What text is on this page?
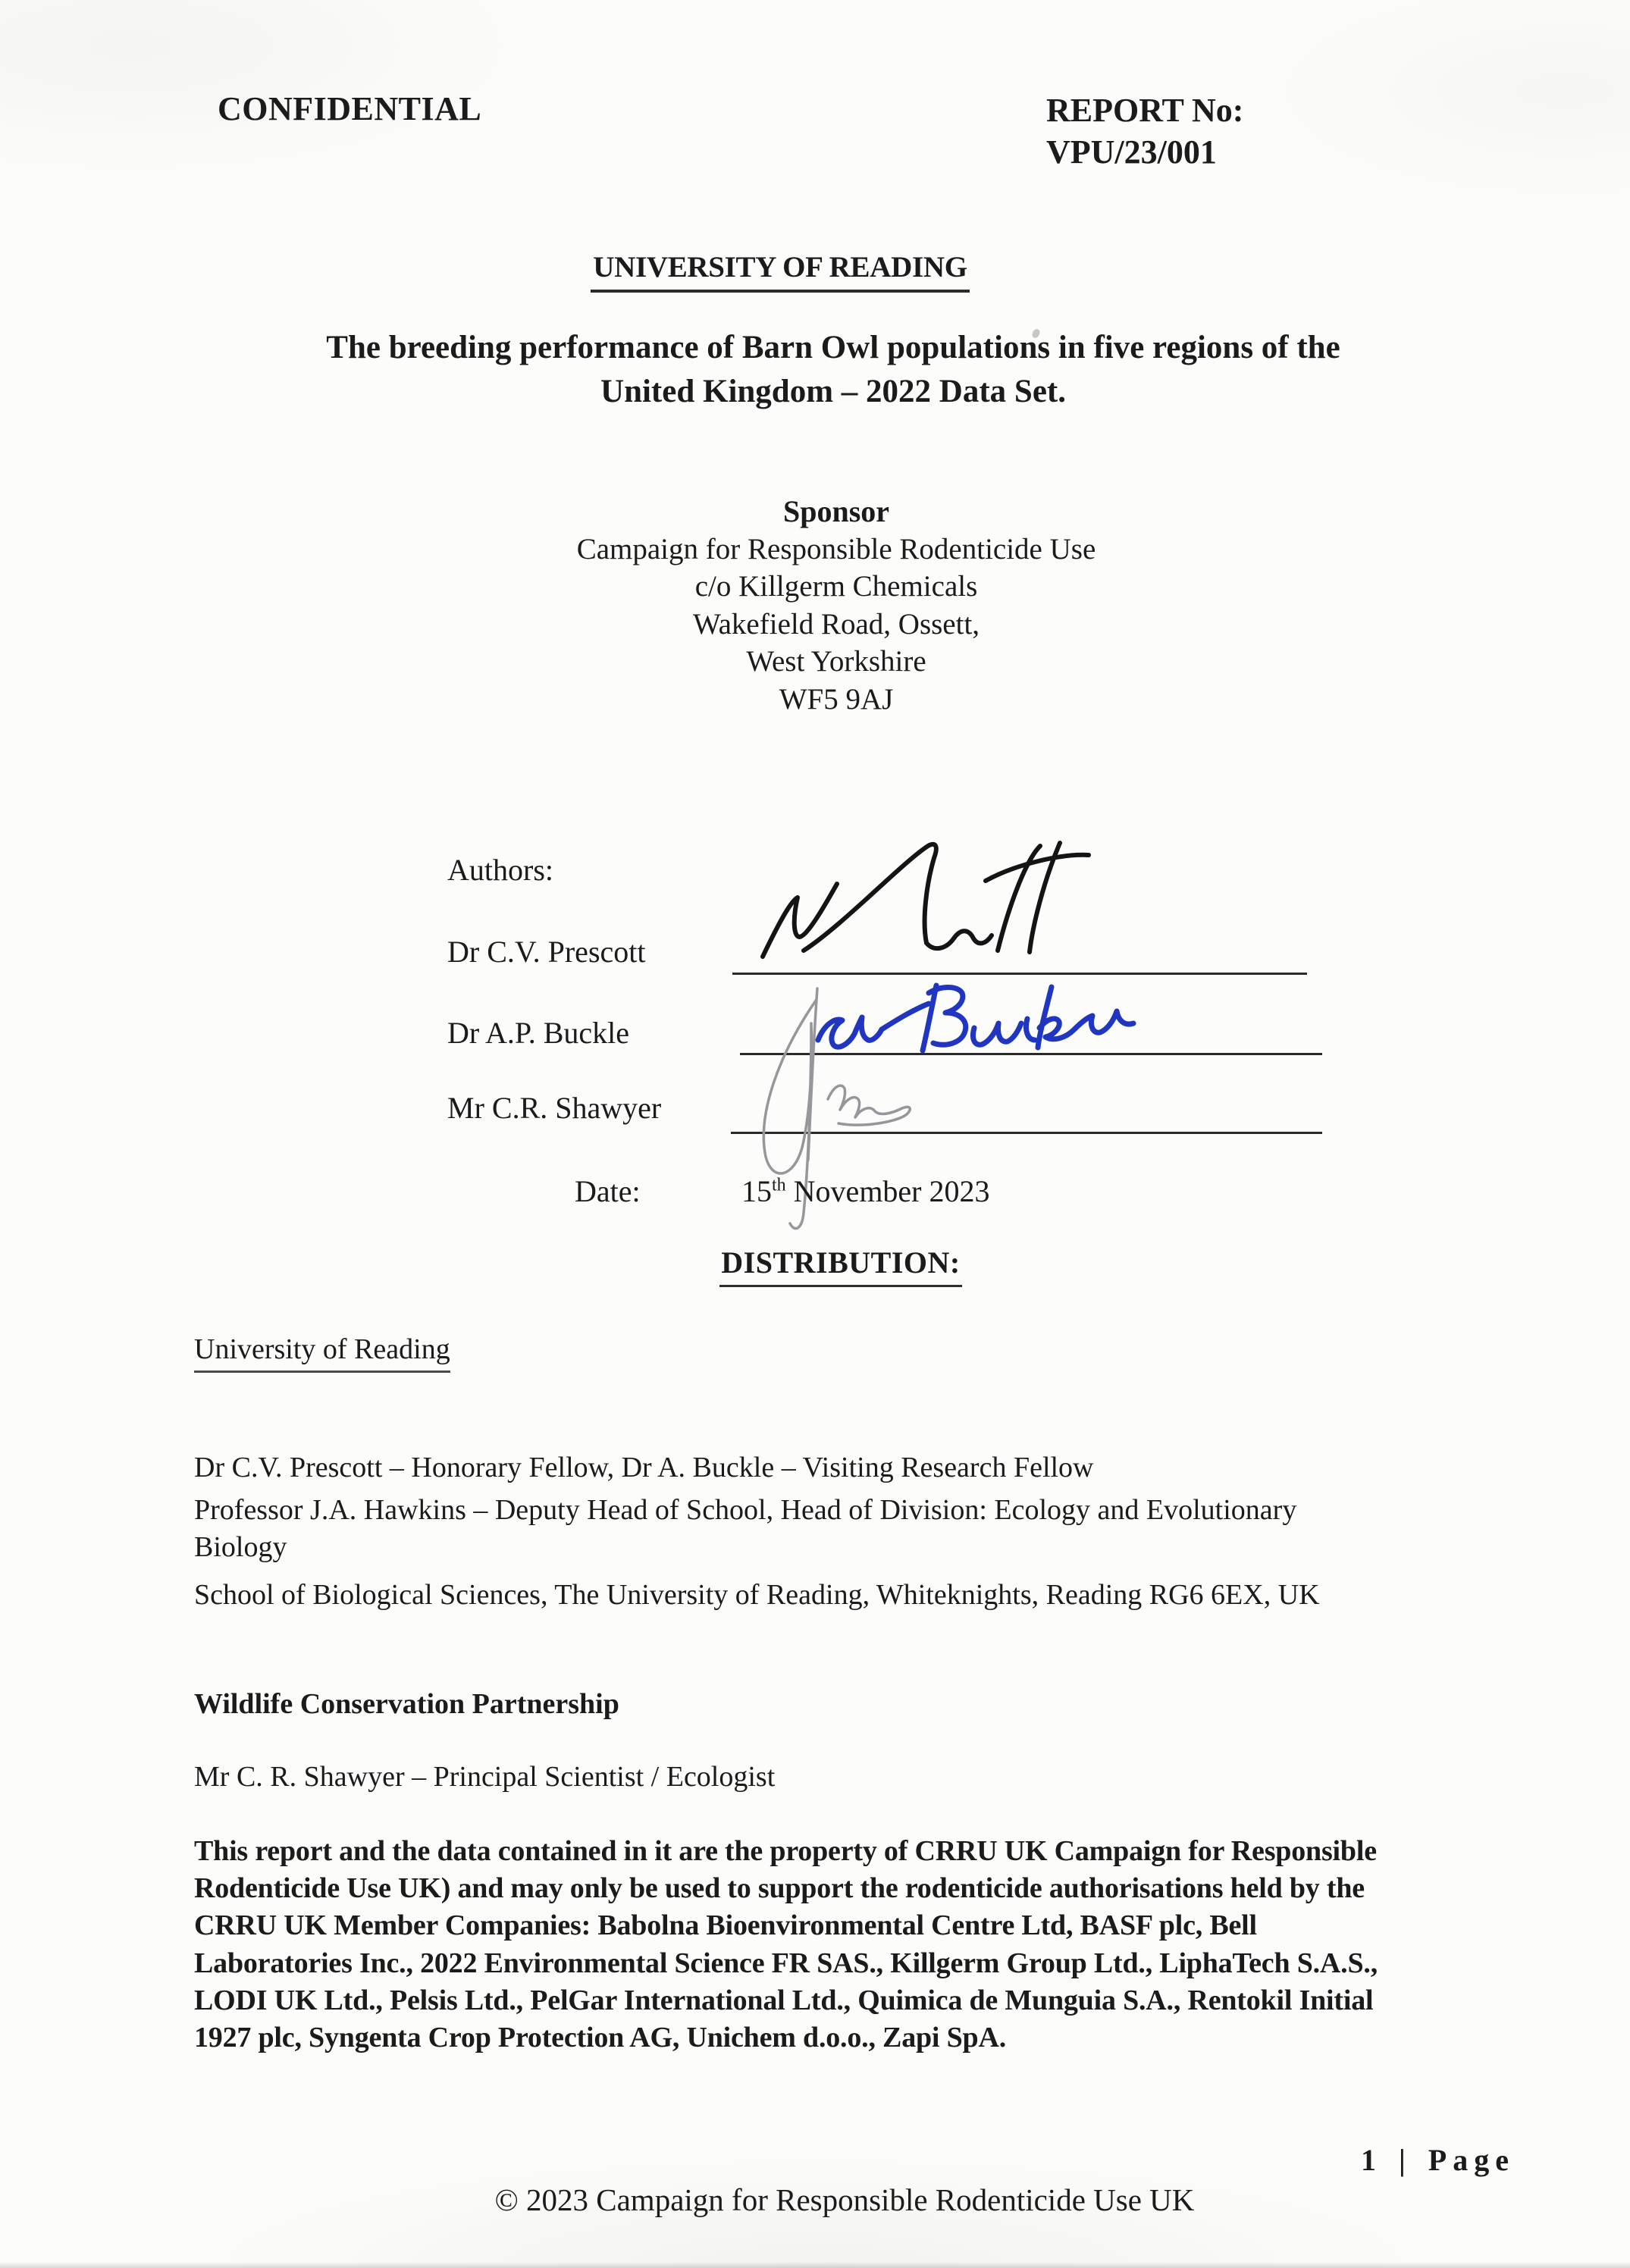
CONFIDENTIAL	REPORT No:
VPU/23/001
UNIVERSITY OF READING
The breeding performance of Barn Owl populations in five regions of the
United Kingdom – 2022 Data Set.
Sponsor
Campaign for Responsible Rodenticide Use
c/o Killgerm Chemicals
Wakefield Road, Ossett,
West Yorkshire
WF5 9AJ
Authors:
Dr C.V. Prescott
Dr A.P. Buckle
Mr C.R. Shawyer
Date:	15th November 2023
DISTRIBUTION:
University of Reading
Dr C.V. Prescott – Honorary Fellow, Dr A. Buckle – Visiting Research Fellow
Professor J.A. Hawkins – Deputy Head of School, Head of Division: Ecology and Evolutionary
Biology
School of Biological Sciences, The University of Reading, Whiteknights, Reading RG6 6EX, UK
Wildlife Conservation Partnership
Mr C. R. Shawyer – Principal Scientist / Ecologist
This report and the data contained in it are the property of CRRU UK Campaign for Responsible
Rodenticide Use UK) and may only be used to support the rodenticide authorisations held by the
CRRU UK Member Companies: Babolna Bioenvironmental Centre Ltd, BASF plc, Bell
Laboratories Inc., 2022 Environmental Science FR SAS., Killgerm Group Ltd., LiphaTech S.A.S.,
LODI UK Ltd., Pelsis Ltd., PelGar International Ltd., Quimica de Munguia S.A., Rentokil Initial
1927 plc, Syngenta Crop Protection AG, Unichem d.o.o., Zapi SpA.
1 | Page
© 2023 Campaign for Responsible Rodenticide Use UK
